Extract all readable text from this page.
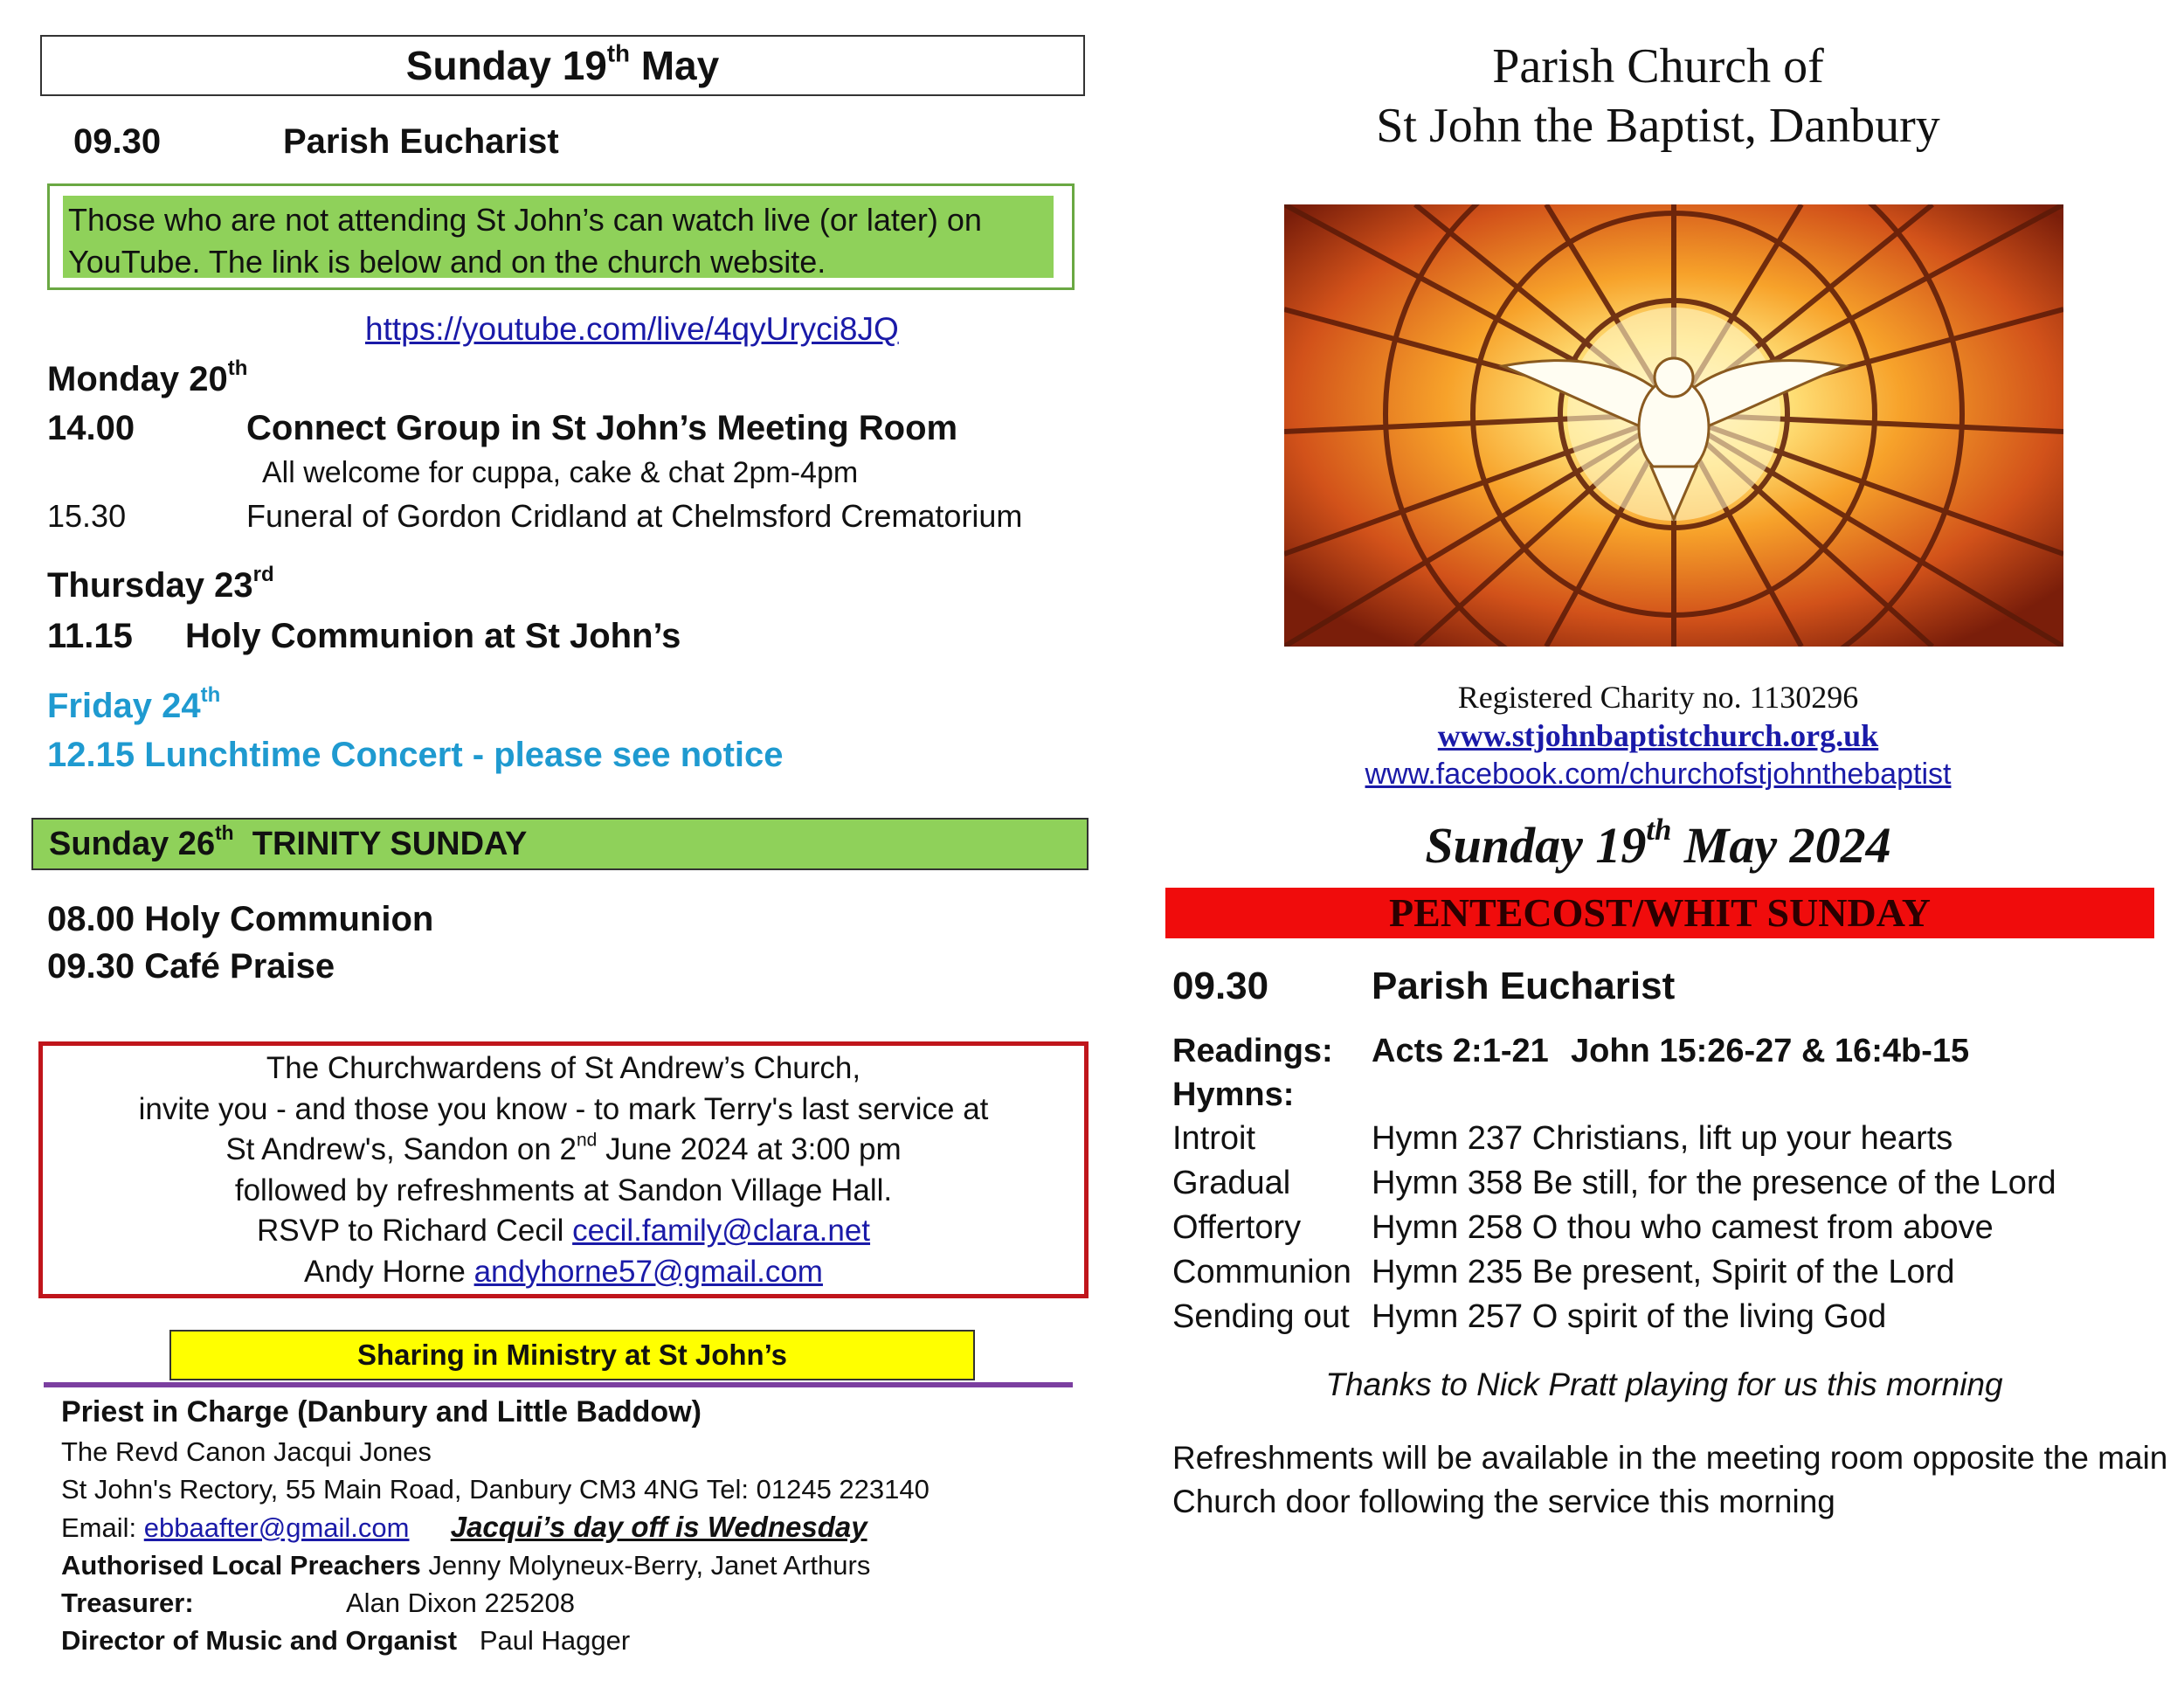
Sunday 19th May
09.30	Parish Eucharist
Those who are not attending St John’s can watch live (or later) on YouTube. The link is below and on the church website.
https://youtube.com/live/4qyUryci8JQ
Monday 20th
14.00	Connect Group in St John’s Meeting Room
All welcome for cuppa, cake & chat 2pm-4pm
15.30	Funeral of Gordon Cridland at Chelmsford Crematorium
Thursday 23rd
11.15 Holy Communion at St John’s
Friday 24th
12.15 Lunchtime Concert - please see notice
Sunday 26th TRINITY SUNDAY
08.00 Holy Communion
09.30 Café Praise
The Churchwardens of St Andrew’s Church,
invite you - and those you know - to mark Terry's last service at
St Andrew's, Sandon on 2nd June 2024 at 3:00 pm
followed by refreshments at Sandon Village Hall.
RSVP to Richard Cecil cecil.family@clara.net
Andy Horne andyhorne57@gmail.com
Sharing in Ministry at St John’s
Priest in Charge (Danbury and Little Baddow)
The Revd Canon Jacqui Jones
St John's Rectory, 55 Main Road, Danbury CM3 4NG Tel: 01245 223140
Email: ebbaafter@gmail.com Jacqui’s day off is Wednesday
Authorised Local Preachers Jenny Molyneux-Berry, Janet Arthurs
Treasurer:	Alan Dixon 225208
Director of Music and Organist Paul Hagger
Parish Church of
St John the Baptist, Danbury
Registered Charity no. 1130296
www.stjohnbaptistchurch.org.uk
www.facebook.com/churchofstjohnthebaptist
Sunday 19th May 2024
PENTECOST/WHIT SUNDAY
09.30	Parish Eucharist
Readings: Acts 2:1-21 John 15:26-27 & 16:4b-15
Hymns:
Introit	Hymn 237 Christians, lift up your hearts
Gradual Hymn 358 Be still, for the presence of the Lord
Offertory Hymn 258 O thou who camest from above
Communion Hymn 235 Be present, Spirit of the Lord
Sending out Hymn 257 O spirit of the living God
Thanks to Nick Pratt playing for us this morning
Refreshments will be available in the meeting room opposite the main Church door following the service this morning
